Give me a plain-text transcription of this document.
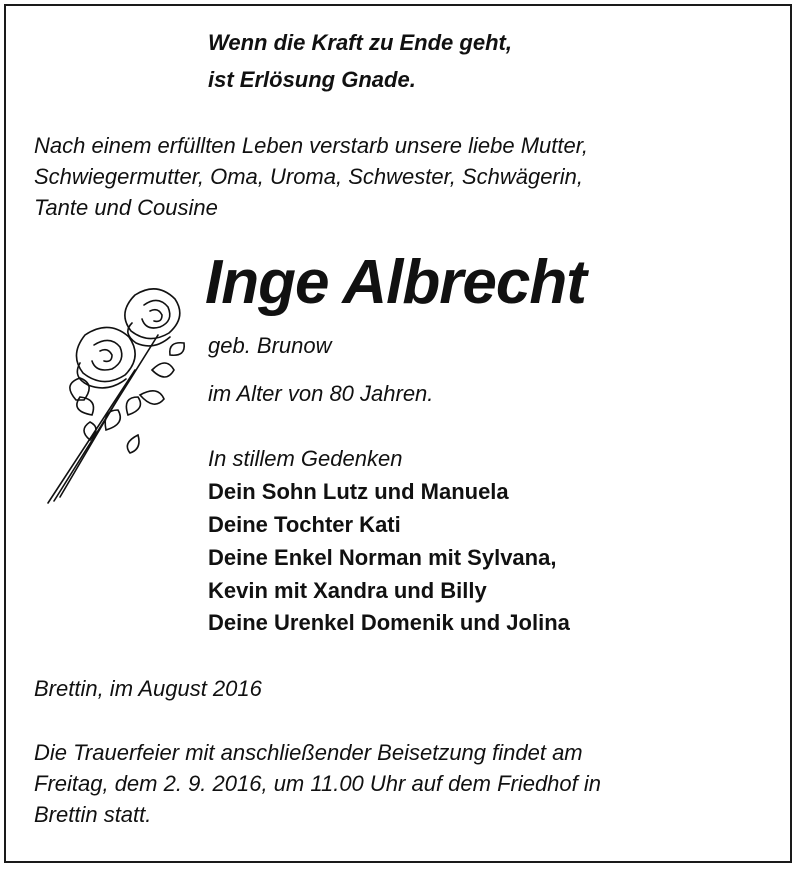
Wenn die Kraft zu Ende geht,
ist Erlösung Gnade.
Nach einem erfüllten Leben verstarb unsere liebe Mutter,
Schwiegermutter, Oma, Uroma, Schwester, Schwägerin,
Tante und Cousine
Inge Albrecht
geb. Brunow
im Alter von 80 Jahren.
In stillem Gedenken
Dein Sohn Lutz und Manuela
Deine Tochter Kati
Deine Enkel Norman mit Sylvana,
Kevin mit Xandra und Billy
Deine Urenkel Domenik und Jolina
Brettin, im August 2016
Die Trauerfeier mit anschließender Beisetzung findet am
Freitag, dem 2. 9. 2016, um 11.00 Uhr auf dem Friedhof in
Brettin statt.
